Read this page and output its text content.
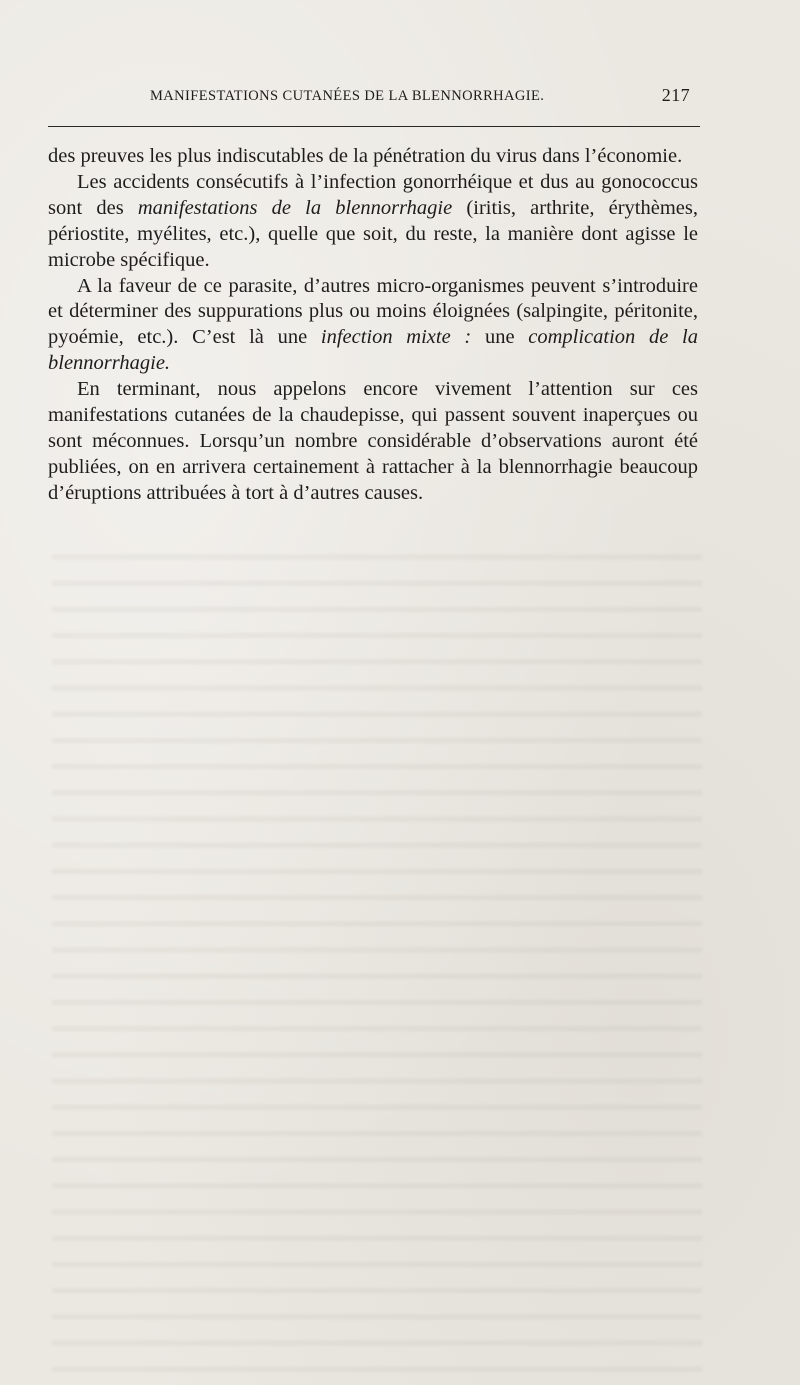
MANIFESTATIONS CUTANÉES DE LA BLENNORRHAGIE.	217

des preuves les plus indiscutables de la pénétration du virus dans l’économie.

Les accidents consécutifs à l’infection gonorrhéique et dus au gonococcus sont des manifestations de la blennorrhagie (iritis, arthrite, érythèmes, périostite, myélites, etc.), quelle que soit, du reste, la manière dont agisse le microbe spécifique.

A la faveur de ce parasite, d’autres micro-organismes peuvent s’introduire et déterminer des suppurations plus ou moins éloignées (salpingite, péritonite, pyoémie, etc.). C’est là une infection mixte : une complication de la blennorrhagie.

En terminant, nous appelons encore vivement l’attention sur ces manifestations cutanées de la chaudepisse, qui passent souvent inaperçues ou sont méconnues. Lorsqu’un nombre considérable d’observations auront été publiées, on en arrivera certainement à rattacher à la blennorrhagie beaucoup d’éruptions attribuées à tort à d’autres causes.
